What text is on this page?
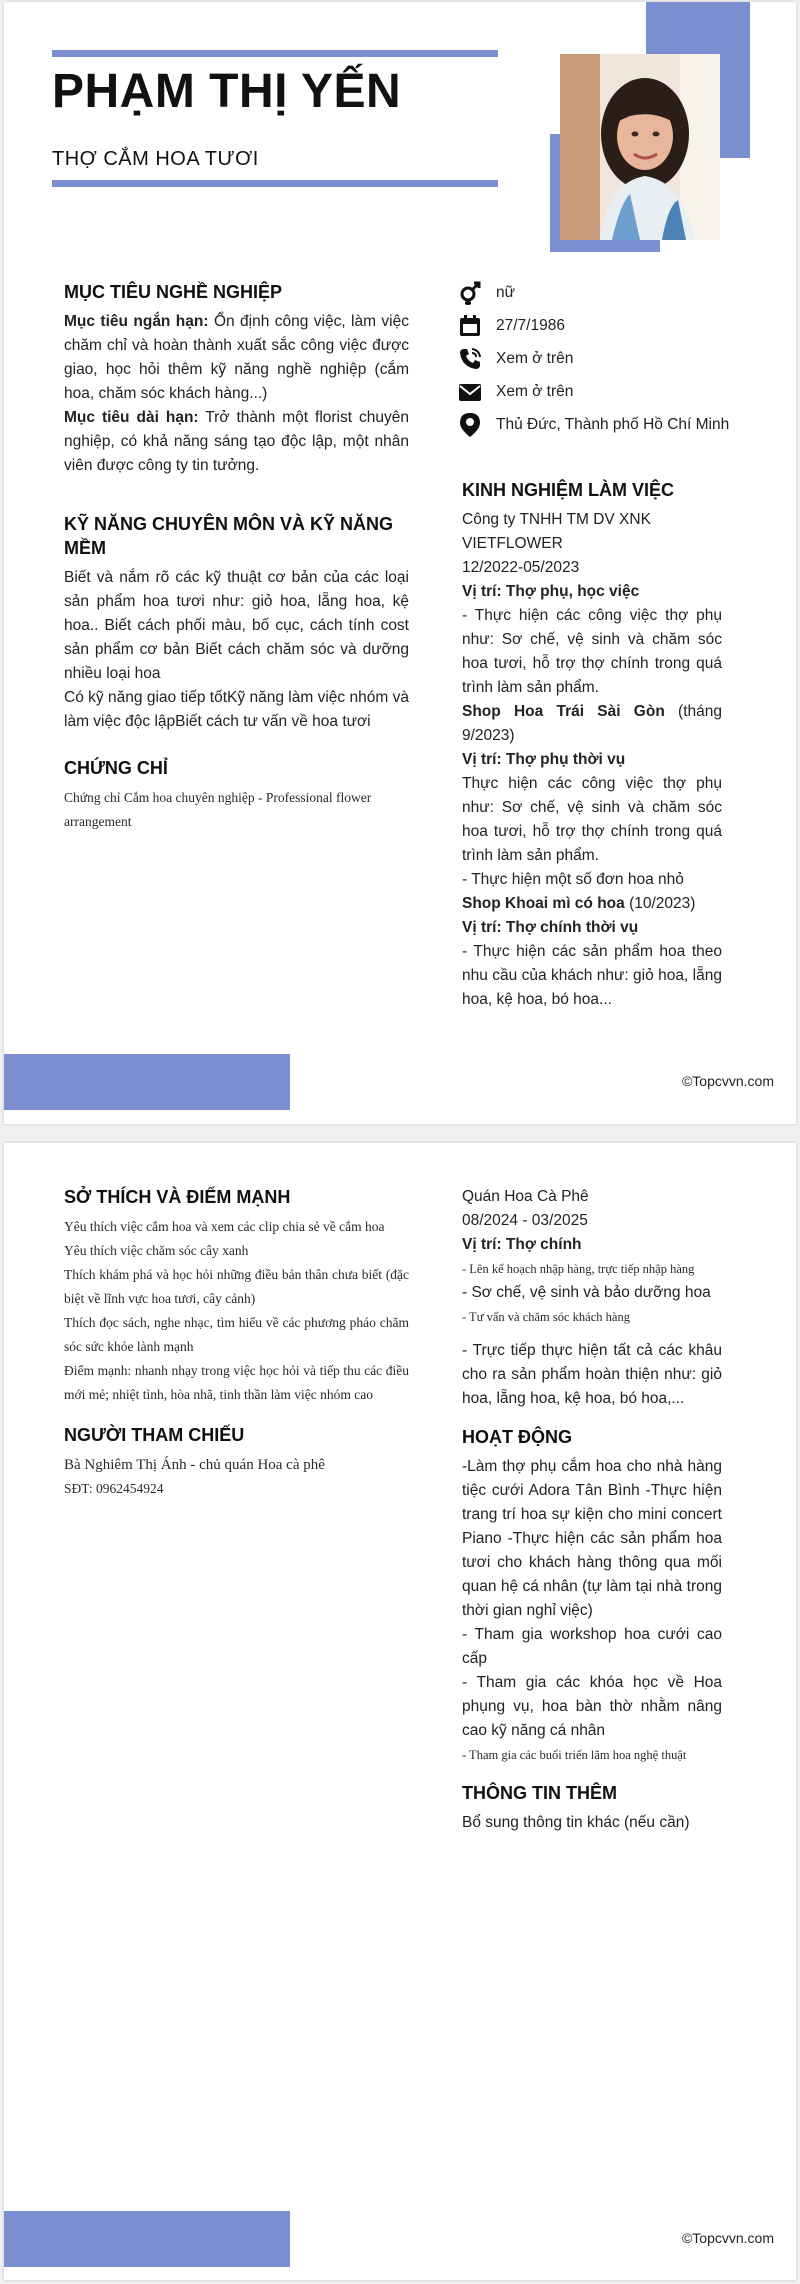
PHẠM THỊ YẾN
THỢ CẮM HOA TƯƠI
MỤC TIÊU NGHỀ NGHIỆP

Mục tiêu ngắn hạn: Ổn định công việc, làm việc chăm chỉ và hoàn thành xuất sắc công việc được giao, học hỏi thêm kỹ năng nghề nghiệp (cắm hoa, chăm sóc khách hàng...)

Mục tiêu dài hạn: Trở thành một florist chuyên nghiệp, có khả năng sáng tạo độc lập, một nhân viên được công ty tin tưởng.

KỸ NĂNG CHUYÊN MÔN VÀ KỸ NĂNG MỀM

Biết và nắm rõ các kỹ thuật cơ bản của các loại sản phẩm hoa tươi như: giỏ hoa, lẵng hoa, kệ hoa.. Biết cách phối màu, bố cục, cách tính cost sản phẩm cơ bản Biết cách chăm sóc và dưỡng nhiều loại hoa

Có kỹ năng giao tiếp tốtKỹ năng làm việc nhóm và làm việc độc lậpBiết cách tư vấn về hoa tươi

CHỨNG CHỈ

Chứng chỉ Cắm hoa chuyên nghiệp - Professional flower arrangement

nữ
27/7/1986
Xem ở trên
Xem ở trên
Thủ Đức, Thành phố Hồ Chí Minh
KINH NGHIỆM LÀM VIỆC

Công ty TNHH TM DV XNK VIETFLOWER

12/2022-05/2023

Vị trí: Thợ phụ, học việc

- Thực hiện các công việc thợ phụ như: Sơ chế, vệ sinh và chăm sóc hoa tươi, hỗ trợ thợ chính trong quá trình làm sản phẩm.

Shop Hoa Trái Sài Gòn (tháng 9/2023)

Vị trí: Thợ phụ thời vụ

Thực hiện các công việc thợ phụ như: Sơ chế, vệ sinh và chăm sóc hoa tươi, hỗ trợ thợ chính trong quá trình làm sản phẩm.

- Thực hiện một số đơn hoa nhỏ

Shop Khoai mì có hoa (10/2023)

Vị trí: Thợ chính thời vụ

- Thực hiện các sản phẩm hoa theo nhu cầu của khách như: giỏ hoa, lẵng hoa, kệ hoa, bó hoa...

©Topcvvn.com
SỞ THÍCH VÀ ĐIỂM MẠNH

Yêu thích việc cắm hoa và xem các clip chia sẻ về cắm hoa

Yêu thích việc chăm sóc cây xanh

Thích khám phá và học hỏi những điều bản thân chưa biết (đặc biệt về lĩnh vực hoa tươi, cây cảnh)

Thích đọc sách, nghe nhạc, tìm hiểu về các phương pháo chăm sóc sức khỏe lành mạnh

Điểm mạnh: nhanh nhạy trong việc học hỏi và tiếp thu các điều mới mẻ; nhiệt tình, hòa nhã, tinh thần làm việc nhóm cao

NGƯỜI THAM CHIẾU

Bà Nghiêm Thị Ánh - chủ quán Hoa cà phê

SĐT: 0962454924

Quán Hoa Cà Phê

08/2024 - 03/2025

Vị trí: Thợ chính

- Lên kế hoạch nhập hàng, trực tiếp nhập hàng

- Sơ chế, vệ sinh và bảo dưỡng hoa

- Tư vấn và chăm sóc khách hàng

- Trực tiếp thực hiện tất cả các khâu cho ra sản phẩm hoàn thiện như: giỏ hoa, lẵng hoa, kệ hoa, bó hoa,...

HOẠT ĐỘNG

-Làm thợ phụ cắm hoa cho nhà hàng tiệc cưới Adora Tân Bình -Thực hiện trang trí hoa sự kiện cho mini concert Piano -Thực hiện các sản phẩm hoa tươi cho khách hàng thông qua mối quan hệ cá nhân (tự làm tại nhà trong thời gian nghỉ việc)

- Tham gia workshop hoa cưới cao cấp

- Tham gia các khóa học về Hoa phụng vụ, hoa bàn thờ nhằm nâng cao kỹ năng cá nhân

- Tham gia các buổi triển lãm hoa nghệ thuật

THÔNG TIN THÊM

Bổ sung thông tin khác (nếu cần)

©Topcvvn.com
